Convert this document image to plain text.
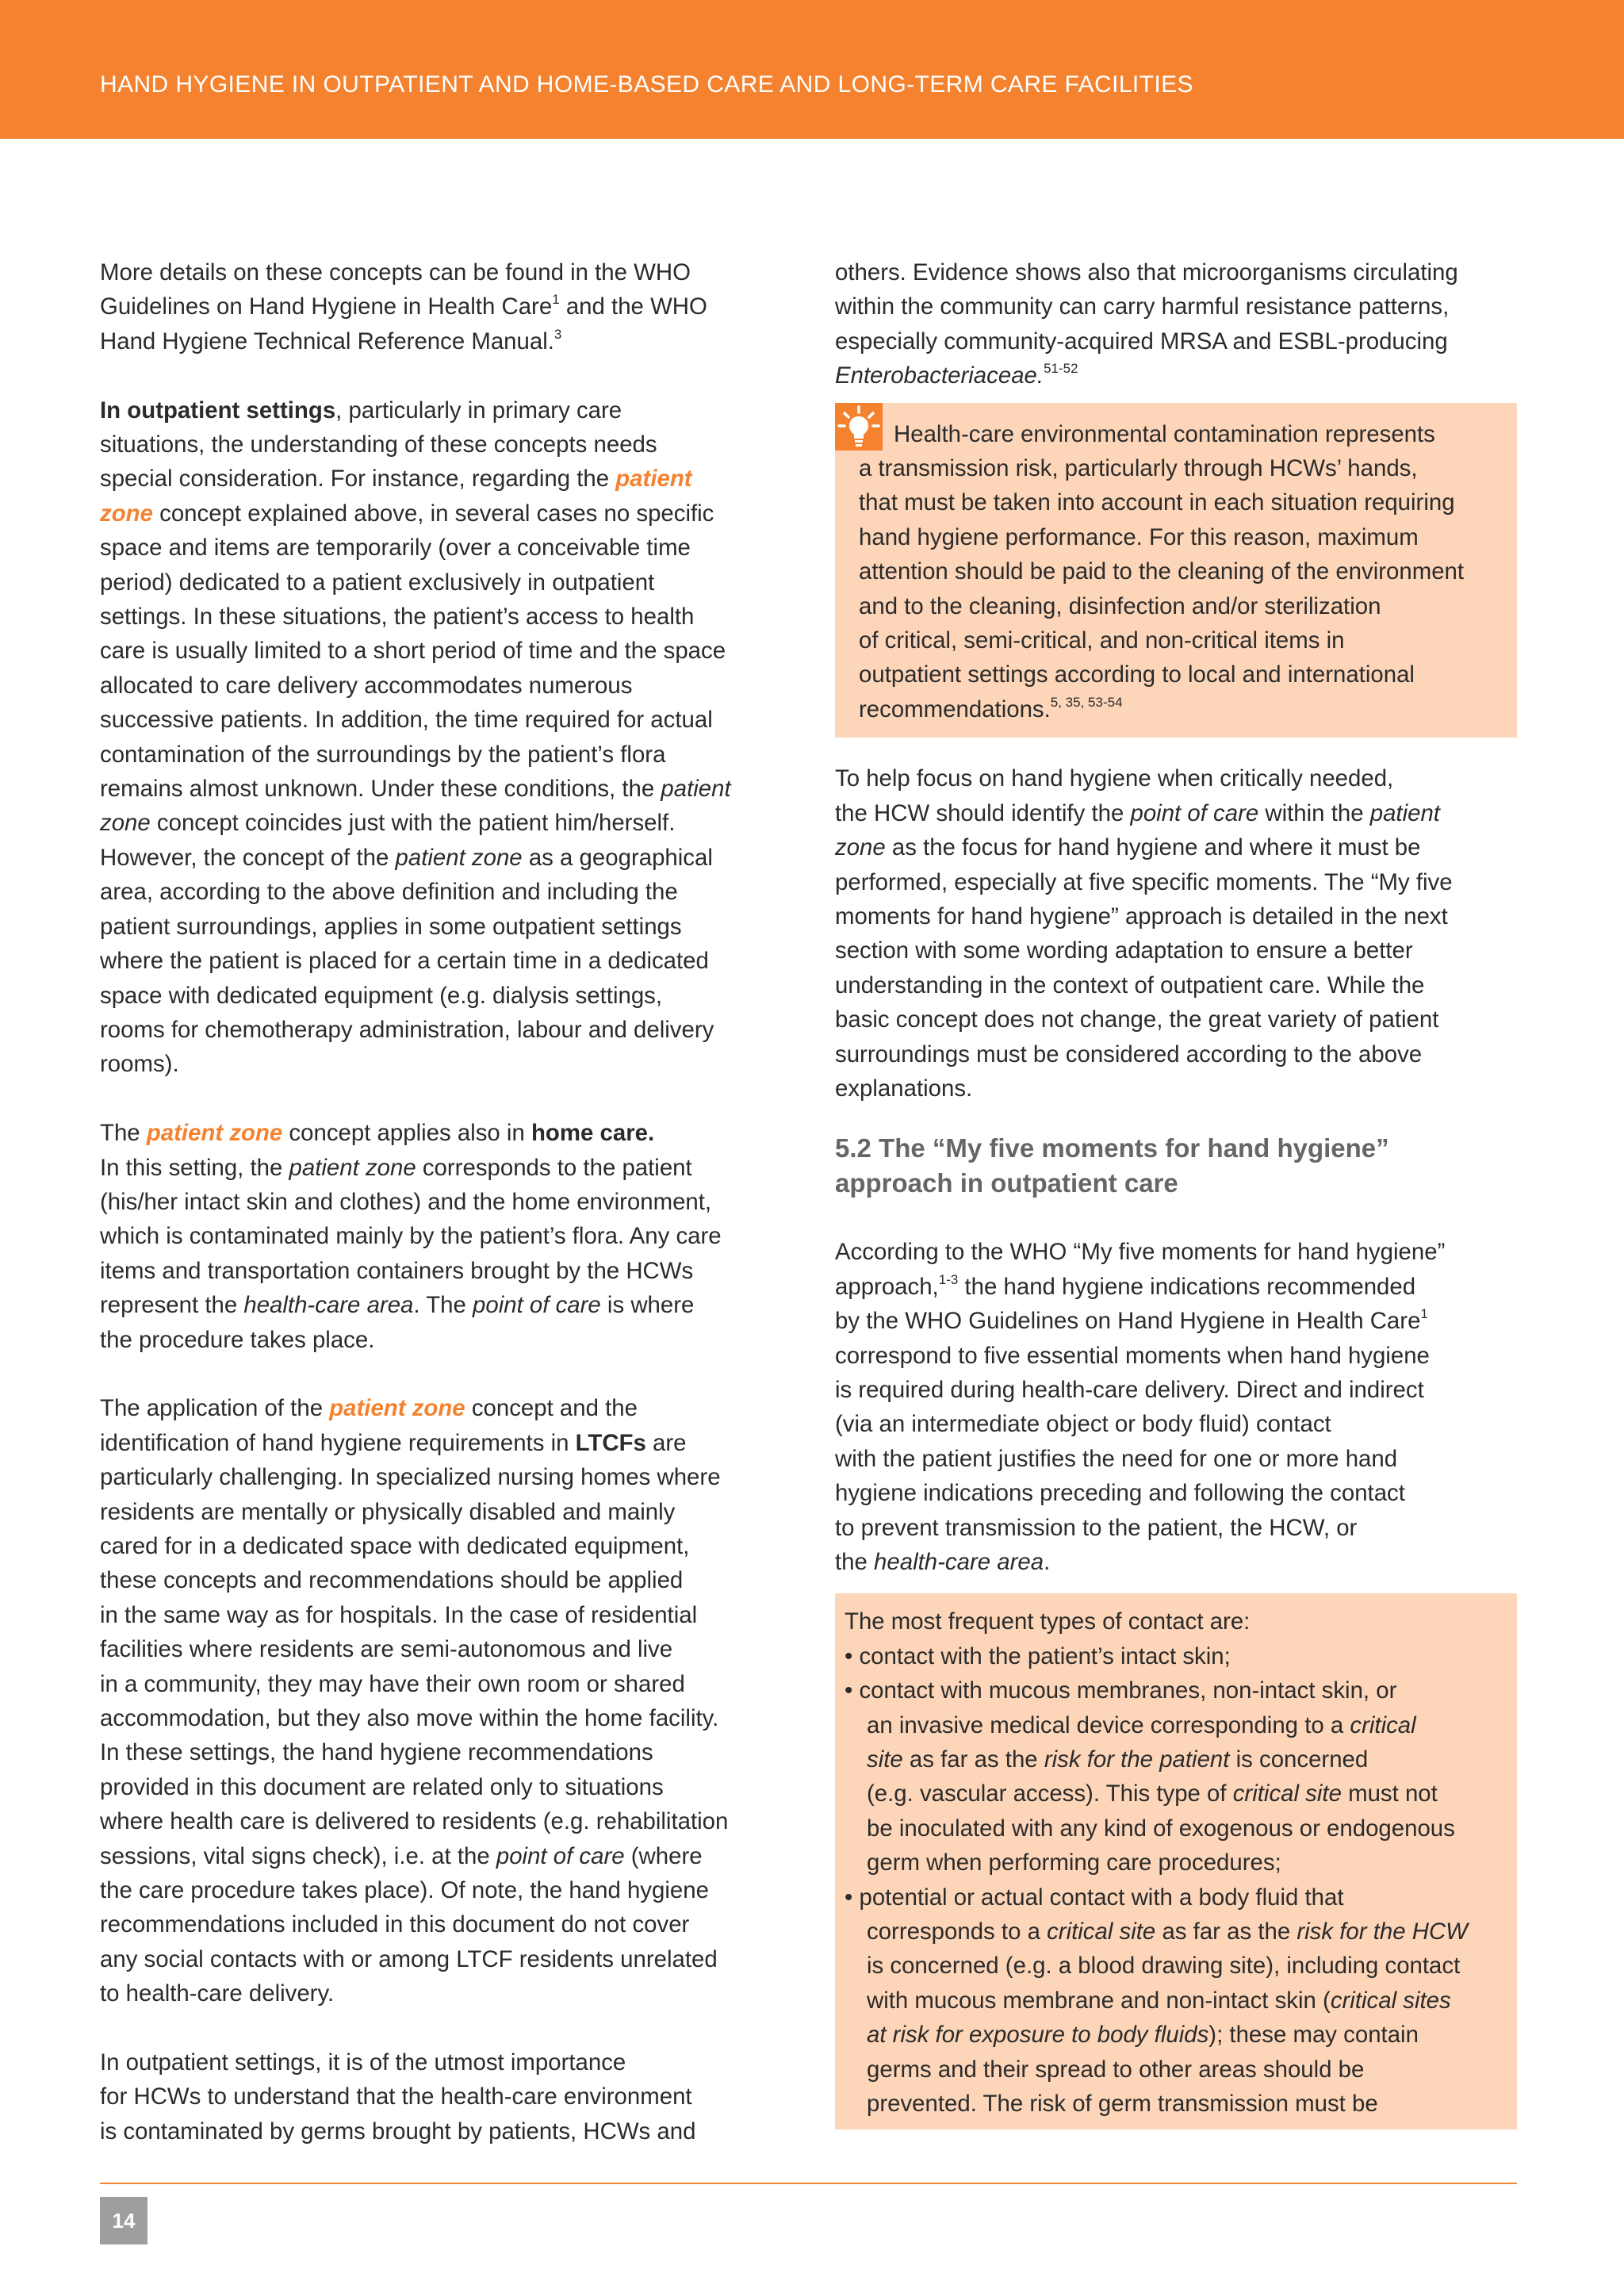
HAND HYGIENE IN OUTPATIENT AND HOME-BASED CARE AND LONG-TERM CARE FACILITIES
More details on these concepts can be found in the WHO
Guidelines on Hand Hygiene in Health Care$^1$ and the WHO
Hand Hygiene Technical Reference Manual.$^3$
In outpatient settings, particularly in primary care
situations, the understanding of these concepts needs
special consideration. For instance, regarding the patient
zone concept explained above, in several cases no specific
space and items are temporarily (over a conceivable time
period) dedicated to a patient exclusively in outpatient
settings. In these situations, the patient’s access to health
care is usually limited to a short period of time and the space
allocated to care delivery accommodates numerous
successive patients. In addition, the time required for actual
contamination of the surroundings by the patient’s flora
remains almost unknown. Under these conditions, the patient
zone concept coincides just with the patient him/herself.
However, the concept of the patient zone as a geographical
area, according to the above definition and including the
patient surroundings, applies in some outpatient settings
where the patient is placed for a certain time in a dedicated
space with dedicated equipment (e.g. dialysis settings,
rooms for chemotherapy administration, labour and delivery
rooms).
The patient zone concept applies also in home care.
In this setting, the patient zone corresponds to the patient
(his/her intact skin and clothes) and the home environment,
which is contaminated mainly by the patient’s flora. Any care
items and transportation containers brought by the HCWs
represent the health-care area. The point of care is where
the procedure takes place.
The application of the patient zone concept and the
identification of hand hygiene requirements in LTCFs are
particularly challenging. In specialized nursing homes where
residents are mentally or physically disabled and mainly
cared for in a dedicated space with dedicated equipment,
these concepts and recommendations should be applied
in the same way as for hospitals. In the case of residential
facilities where residents are semi-autonomous and live
in a community, they may have their own room or shared
accommodation, but they also move within the home facility.
In these settings, the hand hygiene recommendations
provided in this document are related only to situations
where health care is delivered to residents (e.g. rehabilitation
sessions, vital signs check), i.e. at the point of care (where
the care procedure takes place). Of note, the hand hygiene
recommendations included in this document do not cover
any social contacts with or among LTCF residents unrelated
to health-care delivery.
In outpatient settings, it is of the utmost importance
for HCWs to understand that the health-care environment
is contaminated by germs brought by patients, HCWs and
others. Evidence shows also that microorganisms circulating
within the community can carry harmful resistance patterns,
especially community-acquired MRSA and ESBL-producing
Enterobacteriaceae.$^{51-52}$
Health-care environmental contamination represents
a transmission risk, particularly through HCWs’ hands,
that must be taken into account in each situation requiring
hand hygiene performance. For this reason, maximum
attention should be paid to the cleaning of the environment
and to the cleaning, disinfection and/or sterilization
of critical, semi-critical, and non-critical items in
outpatient settings according to local and international
recommendations.$^{5, 35, 53-54}$
To help focus on hand hygiene when critically needed,
the HCW should identify the point of care within the patient
zone as the focus for hand hygiene and where it must be
performed, especially at five specific moments. The “My five
moments for hand hygiene” approach is detailed in the next
section with some wording adaptation to ensure a better
understanding in the context of outpatient care. While the
basic concept does not change, the great variety of patient
surroundings must be considered according to the above
explanations.
5.2 The “My five moments for hand hygiene”
approach in outpatient care
According to the WHO “My five moments for hand hygiene”
approach,$^{1-3}$ the hand hygiene indications recommended
by the WHO Guidelines on Hand Hygiene in Health Care$^1$
correspond to five essential moments when hand hygiene
is required during health-care delivery. Direct and indirect
(via an intermediate object or body fluid) contact
with the patient justifies the need for one or more hand
hygiene indications preceding and following the contact
to prevent transmission to the patient, the HCW, or
the health-care area.
The most frequent types of contact are:
• contact with the patient’s intact skin;
• contact with mucous membranes, non-intact skin, or
an invasive medical device corresponding to a critical
site as far as the risk for the patient is concerned
(e.g. vascular access). This type of critical site must not
be inoculated with any kind of exogenous or endogenous
germ when performing care procedures;
• potential or actual contact with a body fluid that
corresponds to a critical site as far as the risk for the HCW
is concerned (e.g. a blood drawing site), including contact
with mucous membrane and non-intact skin (critical sites
at risk for exposure to body fluids); these may contain
germs and their spread to other areas should be
prevented. The risk of germ transmission must be
14
